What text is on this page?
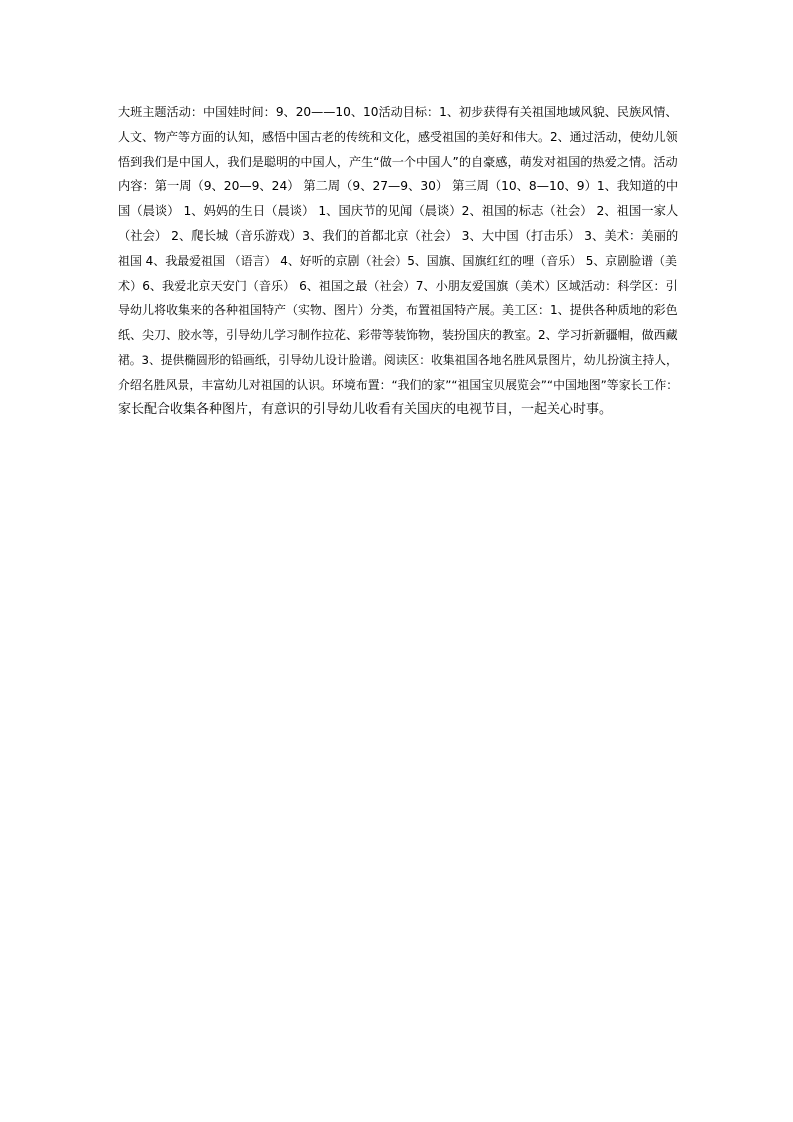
大班主题活动：中国娃时间：9、20——10、10活动目标：1、初步获得有关祖国地域风貌、民族风情、
人文、物产等方面的认知，感悟中国古老的传统和文化，感受祖国的美好和伟大。2、通过活动，使幼儿领
悟到我们是中国人，我们是聪明的中国人，产生“做一个中国人”的自豪感，萌发对祖国的热爱之情。活动
内容：第一周（9、20—9、24） 第二周（9、27—9、30） 第三周（10、8—10、9）1、我知道的中
国（晨谈） 1、妈妈的生日（晨谈） 1、国庆节的见闻（晨谈）2、祖国的标志（社会） 2、祖国一家人
（社会） 2、爬长城（音乐游戏）3、我们的首都北京（社会） 3、大中国（打击乐） 3、美术：美丽的
祖国 4、我最爱祖国 （语言） 4、好听的京剧（社会）5、国旗、国旗红红的哩（音乐） 5、京剧脸谱（美
术）6、我爱北京天安门（音乐） 6、祖国之最（社会）7、小朋友爱国旗（美术）区域活动：科学区：引
导幼儿将收集来的各种祖国特产（实物、图片）分类，布置祖国特产展。美工区：1、提供各种质地的彩色
纸、尖刀、胶水等，引导幼儿学习制作拉花、彩带等装饰物，装扮国庆的教室。2、学习折新疆帽，做西藏
裙。3、提供椭圆形的铅画纸，引导幼儿设计脸谱。阅读区：收集祖国各地名胜风景图片，幼儿扮演主持人，
介绍名胜风景，丰富幼儿对祖国的认识。环境布置：“我们的家”“祖国宝贝展览会”“中国地图”等家长工作：
家长配合收集各种图片，有意识的引导幼儿收看有关国庆的电视节目，一起关心时事。
